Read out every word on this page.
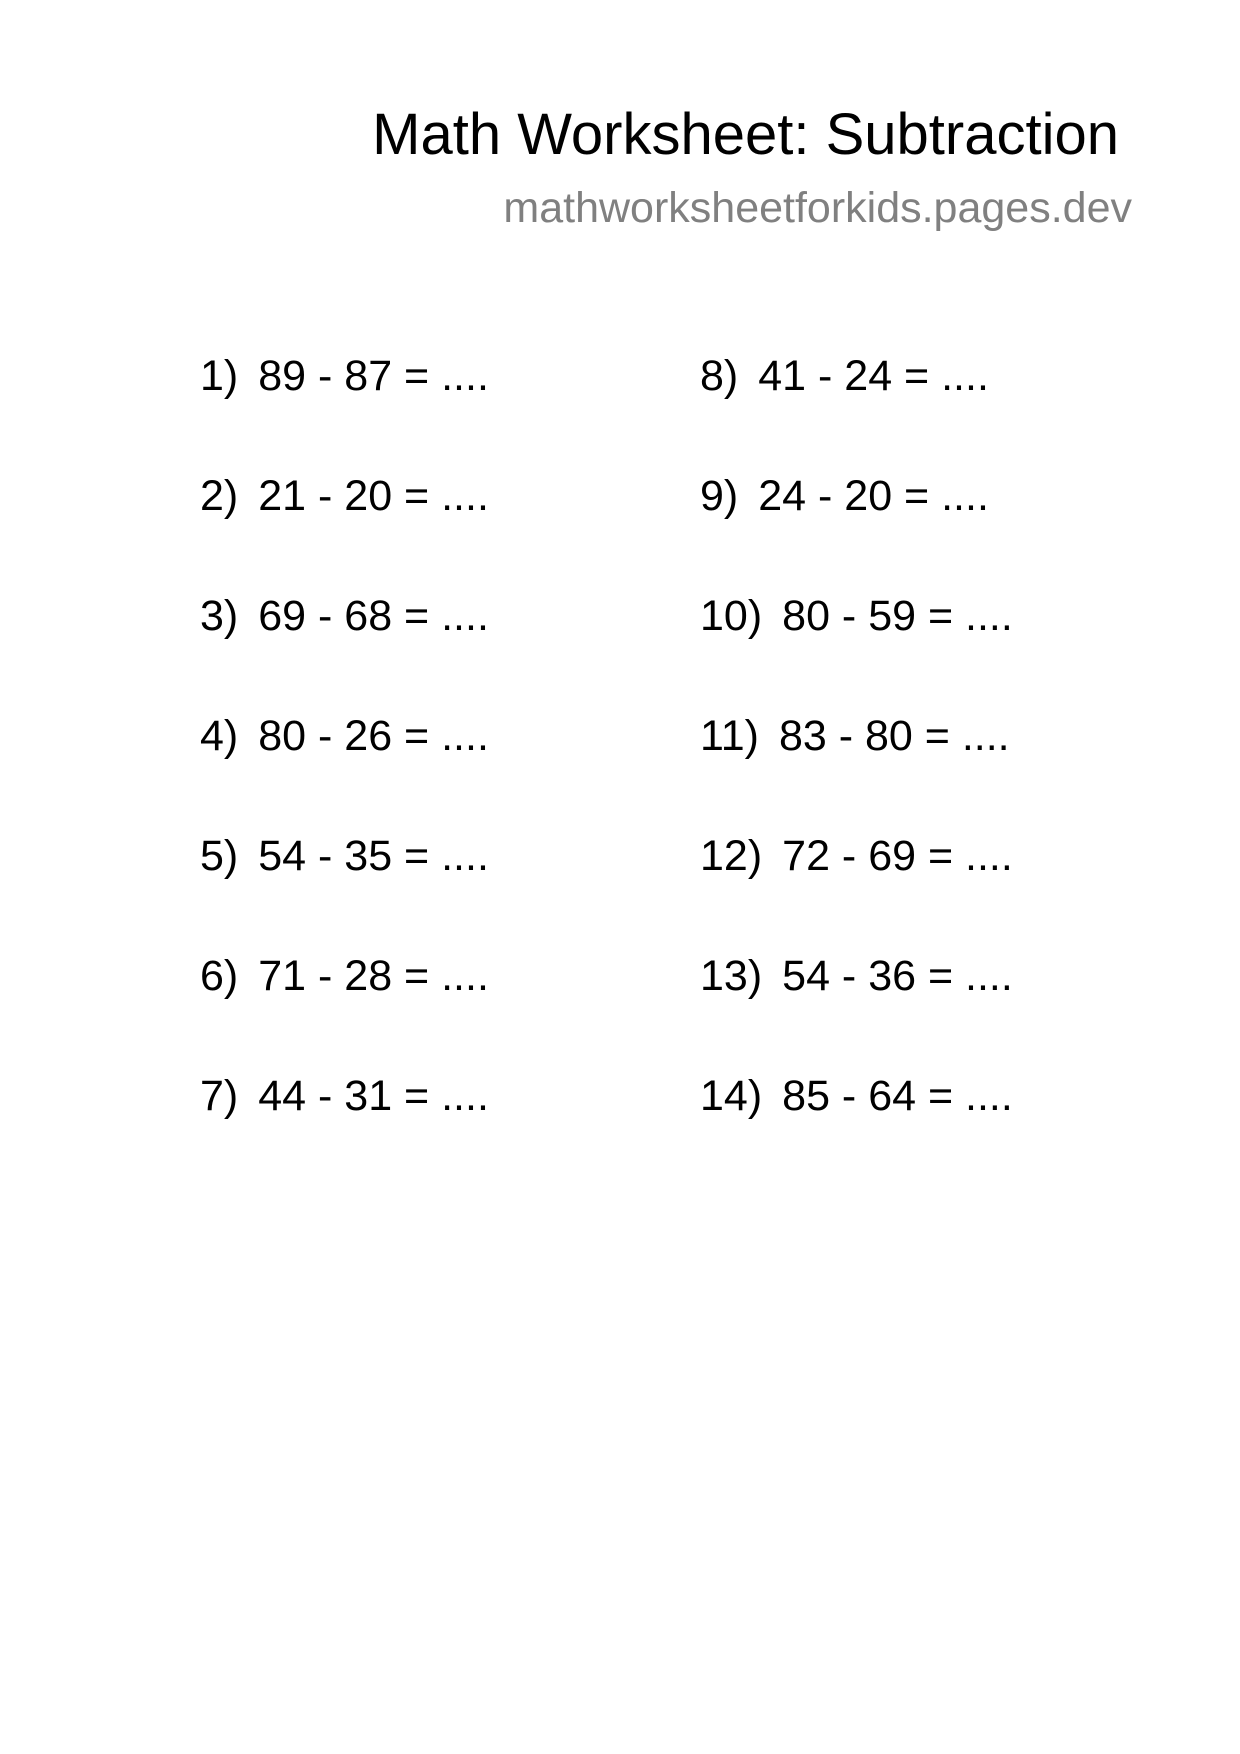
Math Worksheet: Subtraction
mathworksheetforkids.pages.dev
1) 89 - 87 = ....
2) 21 - 20 = ....
3) 69 - 68 = ....
4) 80 - 26 = ....
5) 54 - 35 = ....
6) 71 - 28 = ....
7) 44 - 31 = ....
8) 41 - 24 = ....
9) 24 - 20 = ....
10) 80 - 59 = ....
11) 83 - 80 = ....
12) 72 - 69 = ....
13) 54 - 36 = ....
14) 85 - 64 = ....
